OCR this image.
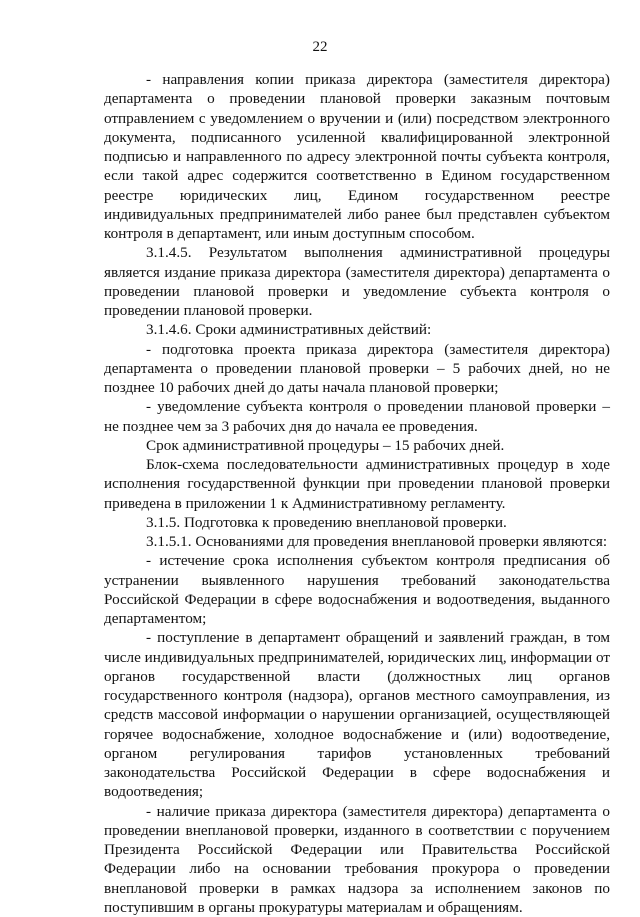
22

- направления копии приказа директора (заместителя директора) департамента о проведении плановой проверки заказным почтовым отправлением с уведомлением о вручении и (или) посредством электронного документа, подписанного усиленной квалифицированной электронной подписью и направленного по адресу электронной почты субъекта контроля, если такой адрес содержится соответственно в Едином государственном реестре юридических лиц, Едином государственном реестре индивидуальных предпринимателей либо ранее был представлен субъектом контроля в департамент, или иным доступным способом.

3.1.4.5. Результатом выполнения административной процедуры является издание приказа директора (заместителя директора) департамента о проведении плановой проверки и уведомление субъекта контроля о проведении плановой проверки.

3.1.4.6. Сроки административных действий:

- подготовка проекта приказа директора (заместителя директора) департамента о проведении плановой проверки – 5 рабочих дней, но не позднее 10 рабочих дней до даты начала плановой проверки;

- уведомление субъекта контроля о проведении плановой проверки – не позднее чем за 3 рабочих дня до начала ее проведения.

Срок административной процедуры – 15 рабочих дней.

Блок-схема последовательности административных процедур в ходе исполнения государственной функции при проведении плановой проверки приведена в приложении 1 к Административному регламенту.

3.1.5. Подготовка к проведению внеплановой проверки.

3.1.5.1. Основаниями для проведения внеплановой проверки являются:

- истечение срока исполнения субъектом контроля предписания об устранении выявленного нарушения требований законодательства Российской Федерации в сфере водоснабжения и водоотведения, выданного департаментом;

- поступление в департамент обращений и заявлений граждан, в том числе индивидуальных предпринимателей, юридических лиц, информации от органов государственной власти (должностных лиц органов государственного контроля (надзора), органов местного самоуправления, из средств массовой информации о нарушении организацией, осуществляющей горячее водоснабжение, холодное водоснабжение и (или) водоотведение, органом регулирования тарифов установленных требований законодательства Российской Федерации в сфере водоснабжения и водоотведения;

- наличие приказа директора (заместителя директора) департамента о проведении внеплановой проверки, изданного в соответствии с поручением Президента Российской Федерации или Правительства Российской Федерации либо на основании требования прокурора о проведении внеплановой проверки в рамках надзора за исполнением законов по поступившим в органы прокуратуры материалам и обращениям.
